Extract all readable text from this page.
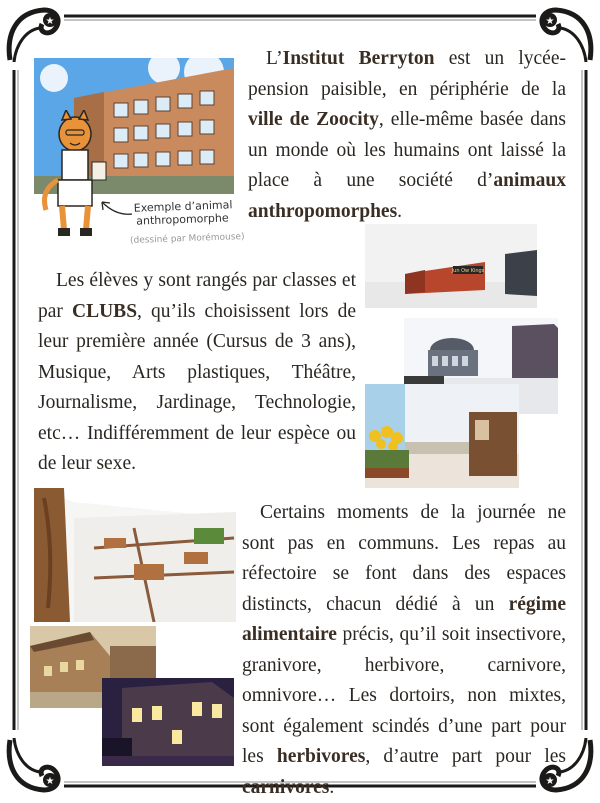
★	★
★	★
Exemple d’animal
anthropomorphe
(dessiné par Morémouse)
L’Institut Berryton est un lycée-pension paisible, en périphérie de la ville de Zoocity, elle-même basée dans un monde où les humains ont laissé la place à une société d’animaux anthropomorphes.
Jun Ow Kings
Les élèves y sont rangés par classes et par CLUBS, qu’ils choisissent lors de leur première année (Cursus de 3 ans), Musique, Arts plastiques, Théâtre, Journalisme, Jardinage, Technologie, etc… Indifféremment de leur espèce ou de leur sexe.
Certains moments de la journée ne sont pas en communs. Les repas au réfectoire se font dans des espaces distincts, chacun dédié à un régime alimentaire précis, qu’il soit insectivore, granivore, herbivore, carnivore, omnivore… Les dortoirs, non mixtes, sont également scindés d’une part pour les herbivores, d’autre part pour les carnivores.
